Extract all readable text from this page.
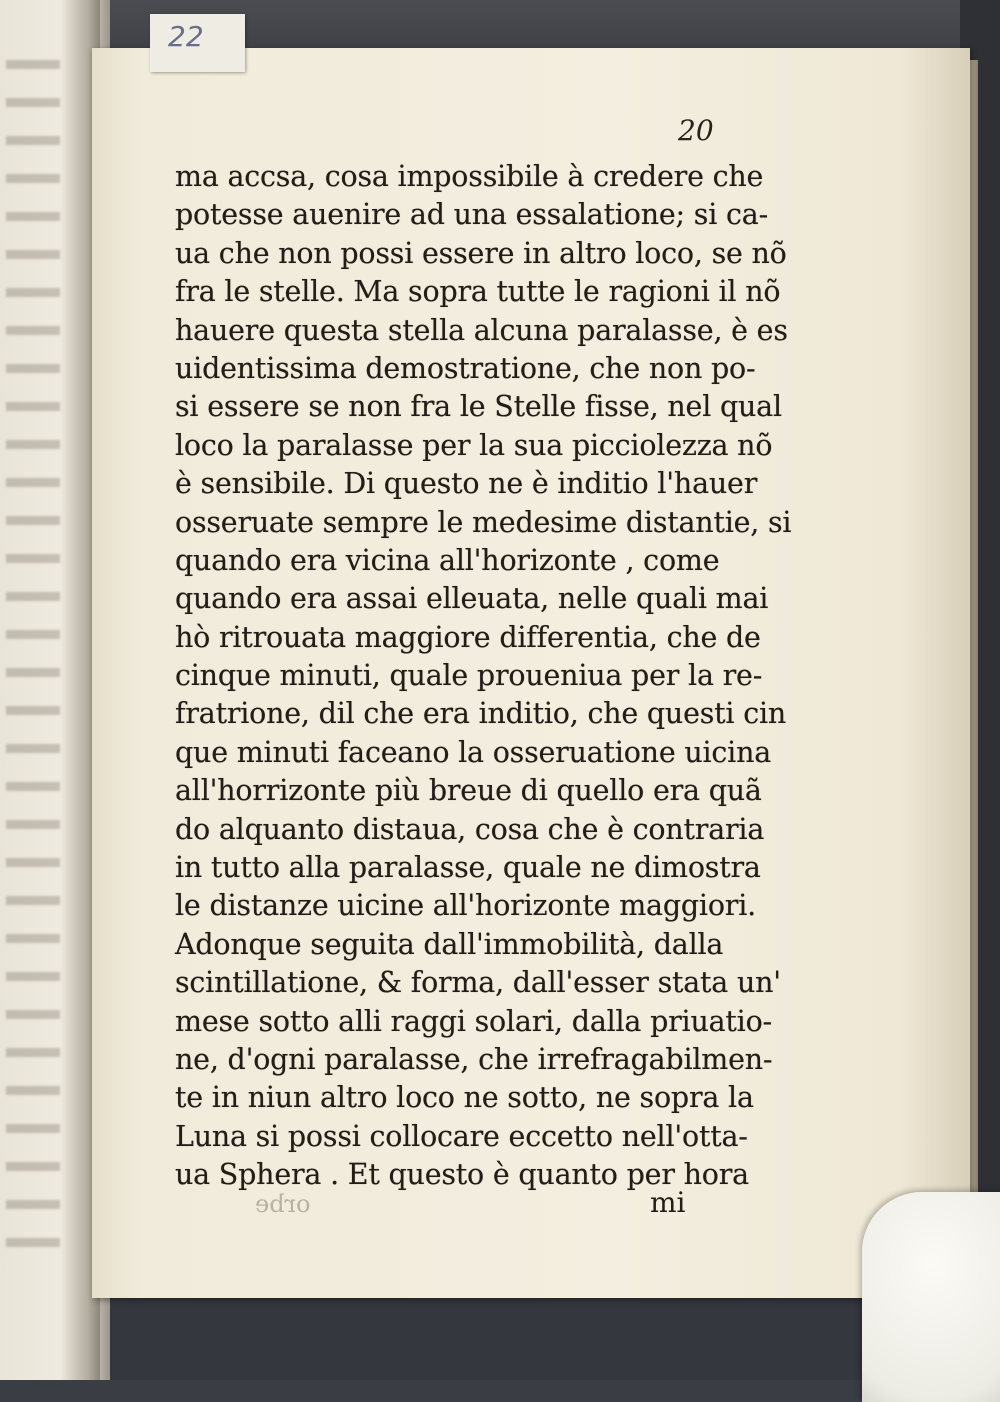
22
20
ma accsa, cosa impossibile à credere che
potesse auenire ad una essalatione; si ca-
ua che non possi essere in altro loco, se nõ
fra le stelle. Ma sopra tutte le ragioni il nõ
hauere questa stella alcuna paralasse, è es
uidentissima demostratione, che non po-
si essere se non fra le Stelle fisse, nel qual
loco la paralasse per la sua picciolezza nõ
è sensibile. Di questo ne è inditio l'hauer
osseruate sempre le medesime distantie, si
quando era vicina all'horizonte , come
quando era assai elleuata, nelle quali mai
hò ritrouata maggiore differentia, che de
cinque minuti, quale proueniua per la re-
fratrione, dil che era inditio, che questi cin
que minuti faceano la osseruatione uicina
all'horrizonte più breue di quello era quã
do alquanto distaua, cosa che è contraria
in tutto alla paralasse, quale ne dimostra
le distanze uicine all'horizonte maggiori.
Adonque seguita dall'immobilità, dalla
scintillatione, & forma, dall'esser stata un'
mese sotto alli raggi solari, dalla priuatio-
ne, d'ogni paralasse, che irrefragabilmen-
te in niun altro loco ne sotto, ne sopra la
Luna si possi collocare eccetto nell'otta-
ua Sphera . Et questo è quanto per hora
orbe	mi
